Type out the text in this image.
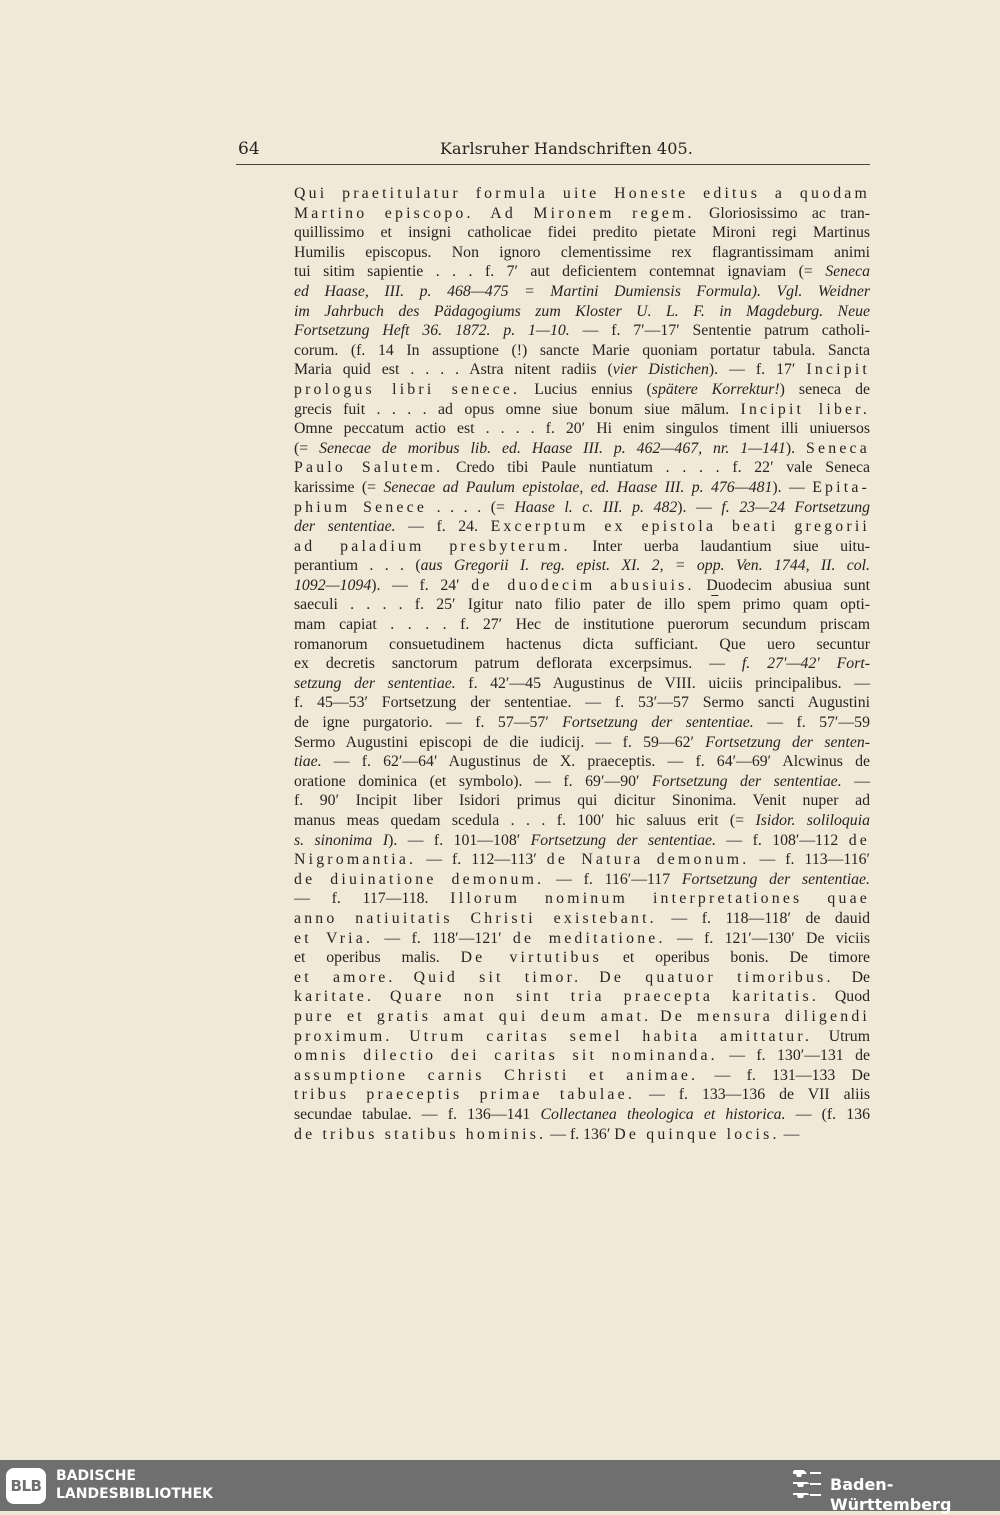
64	Karlsruher Handschriften 405.
Qui praetitulatur formula uite Honeste editus a quodam
Martino episcopo. Ad Mironem regem. Gloriosissimo ac tran-
quillissimo et insigni catholicae fidei predito pietate Mironi regi Martinus
Humilis episcopus. Non ignoro clementissime rex flagrantissimam animi
tui sitim sapientie . . . f. 7′ aut deficientem contemnat ignaviam (= Seneca
ed Haase, III. p. 468—475 = Martini Dumiensis Formula). Vgl. Weidner
im Jahrbuch des Pädagogiums zum Kloster U. L. F. in Magdeburg. Neue
Fortsetzung Heft 36. 1872. p. 1—10. — f. 7′—17′ Sententie patrum catholi-
corum. (f. 14 In assuptione (!) sancte Marie quoniam portatur tabula. Sancta
Maria quid est . . . . Astra nitent radiis (vier Distichen). — f. 17′ Incipit
prologus libri senece. Lucius ennius (spätere Korrektur!) seneca de
grecis fuit . . . . ad opus omne siue bonum siue mālum. Incipit liber.
Omne peccatum actio est . . . . f. 20′ Hi enim singulos timent illi uniuersos
(= Senecae de moribus lib. ed. Haase III. p. 462—467, nr. 1—141). Seneca
Paulo Salutem. Credo tibi Paule nuntiatum . . . . f. 22′ vale Seneca
karissime (= Senecae ad Paulum epistolae, ed. Haase III. p. 476—481). — Epita-
phium Senece . . . . (= Haase l. c. III. p. 482). — f. 23—24 Fortsetzung
der sententiae. — f. 24. Excerptum ex epistola beati gregorii
ad paladium presbyterum. Inter uerba laudantium siue uitu-
perantium . . . (aus Gregorii I. reg. epist. XI. 2, = opp. Ven. 1744, II. col.
1092—1094). — f. 24′ de duodecim abusiuis. Duodecim abusiua sunt
saeculi . . . . f. 25′ Igitur nato filio pater de illo $sp\overline{e}m$ primo quam opti-
mam capiat . . . . f. 27′ Hec de institutione puerorum secundum priscam
romanorum consuetudinem hactenus dicta sufficiant. Que uero secuntur
ex decretis sanctorum patrum deflorata excerpsimus. — f. 27′—42′ Fort-
setzung der sententiae. f. 42′—45 Augustinus de VIII. uiciis principalibus. —
f. 45—53′ Fortsetzung der sententiae. — f. 53′—57 Sermo sancti Augustini
de igne purgatorio. — f. 57—57′ Fortsetzung der sententiae. — f. 57′—59
Sermo Augustini episcopi de die iudicij. — f. 59—62′ Fortsetzung der senten-
tiae. — f. 62′—64′ Augustinus de X. praeceptis. — f. 64′—69′ Alcwinus de
oratione dominica (et symbolo). — f. 69′—90′ Fortsetzung der sententiae. —
f. 90′ Incipit liber Isidori primus qui dicitur Sinonima. Venit nuper ad
manus meas quedam scedula . . . f. 100′ hic saluus erit (= Isidor. soliloquia
s. sinonima I). — f. 101—108′ Fortsetzung der sententiae. — f. 108′—112 de
Nigromantia. — f. 112—113′ de Natura demonum. — f. 113—116′
de diuinatione demonum. — f. 116′—117 Fortsetzung der sententiae.
— f. 117—118. Illorum nominum interpretationes quae
anno natiuitatis Christi existebant. — f. 118—118′ de dauid
et Vria. — f. 118′—121′ de meditatione. — f. 121′—130′ De viciis
et operibus malis. De virtutibus et operibus bonis. De timore
et amore. Quid sit timor. De quatuor timoribus. De
karitate. Quare non sint tria praecepta karitatis. Quod
pure et gratis amat qui deum amat. De mensura diligendi
proximum. Utrum caritas semel habita amittatur. Utrum
omnis dilectio dei caritas sit nominanda. — f. 130′—131 de
assumptione carnis Christi et animae. — f. 131—133 De
tribus praeceptis primae tabulae. — f. 133—136 de VII aliis
secundae tabulae. — f. 136—141 Collectanea theologica et historica. — (f. 136
de tribus statibus hominis. — f. 136′ De quinque locis. —
BLB
BADISCHE
LANDESBIBLIOTHEK	Baden-Württemberg
